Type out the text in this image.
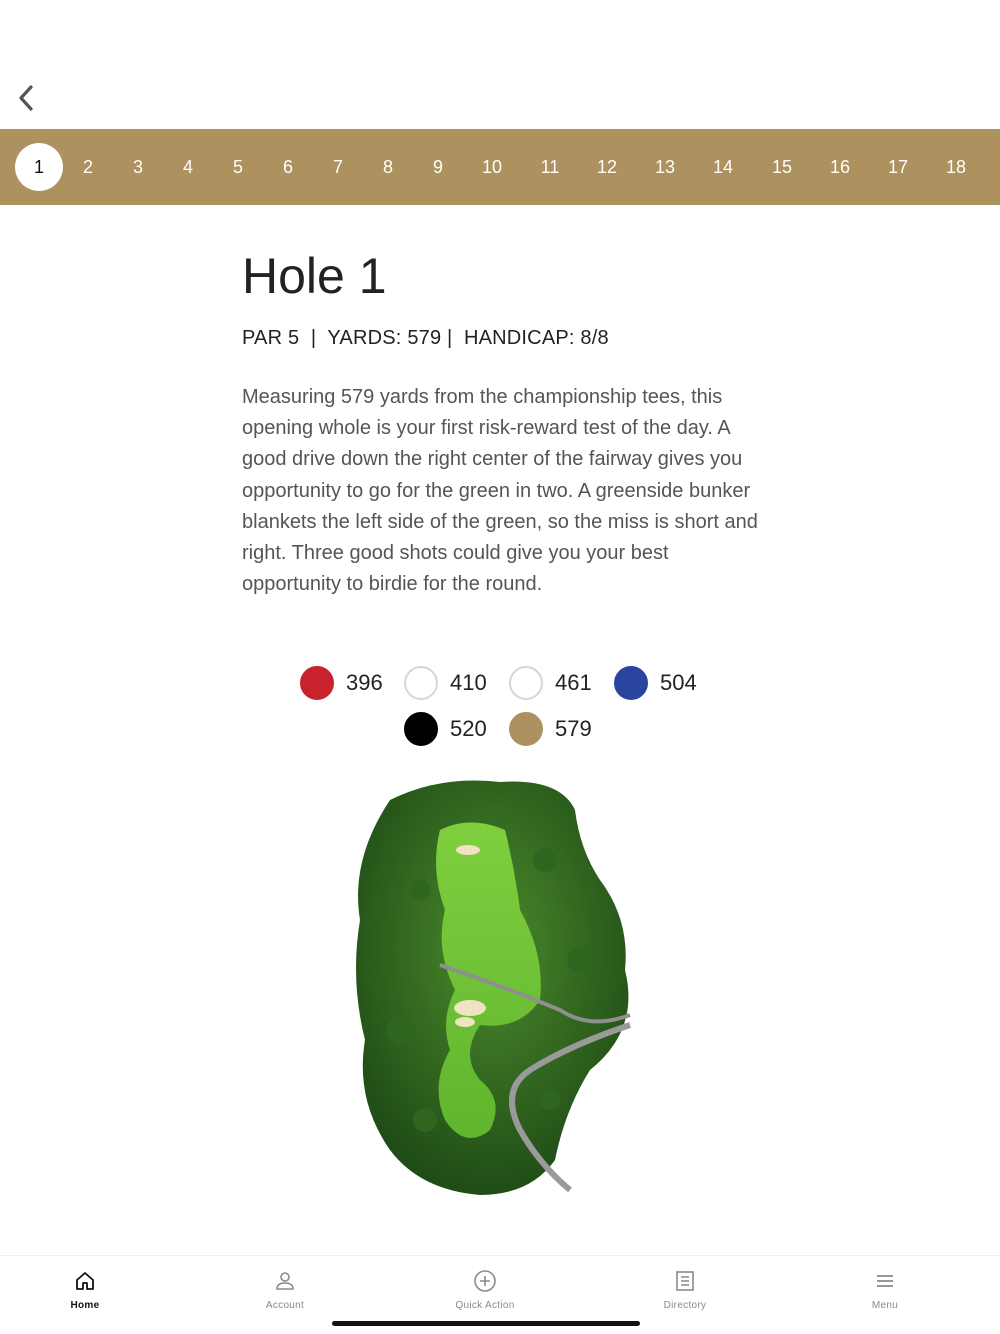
1	2	3	4	5	6	7	8	9	10	11	12	13	14	15	16	17	18
Hole 1
PAR 5  |  YARDS: 579 |  HANDICAP: 8/8

Measuring 579 yards from the championship tees, this opening whole is your first risk-reward test of the day. A good drive down the right center of the fairway gives you opportunity to go for the green in two. A greenside bunker blankets the left side of the green, so the miss is short and right. Three good shots could give you your best opportunity to birdie for the round.

396	410	461	504
520	579
Home	Account	Quick Action	Directory	Menu
